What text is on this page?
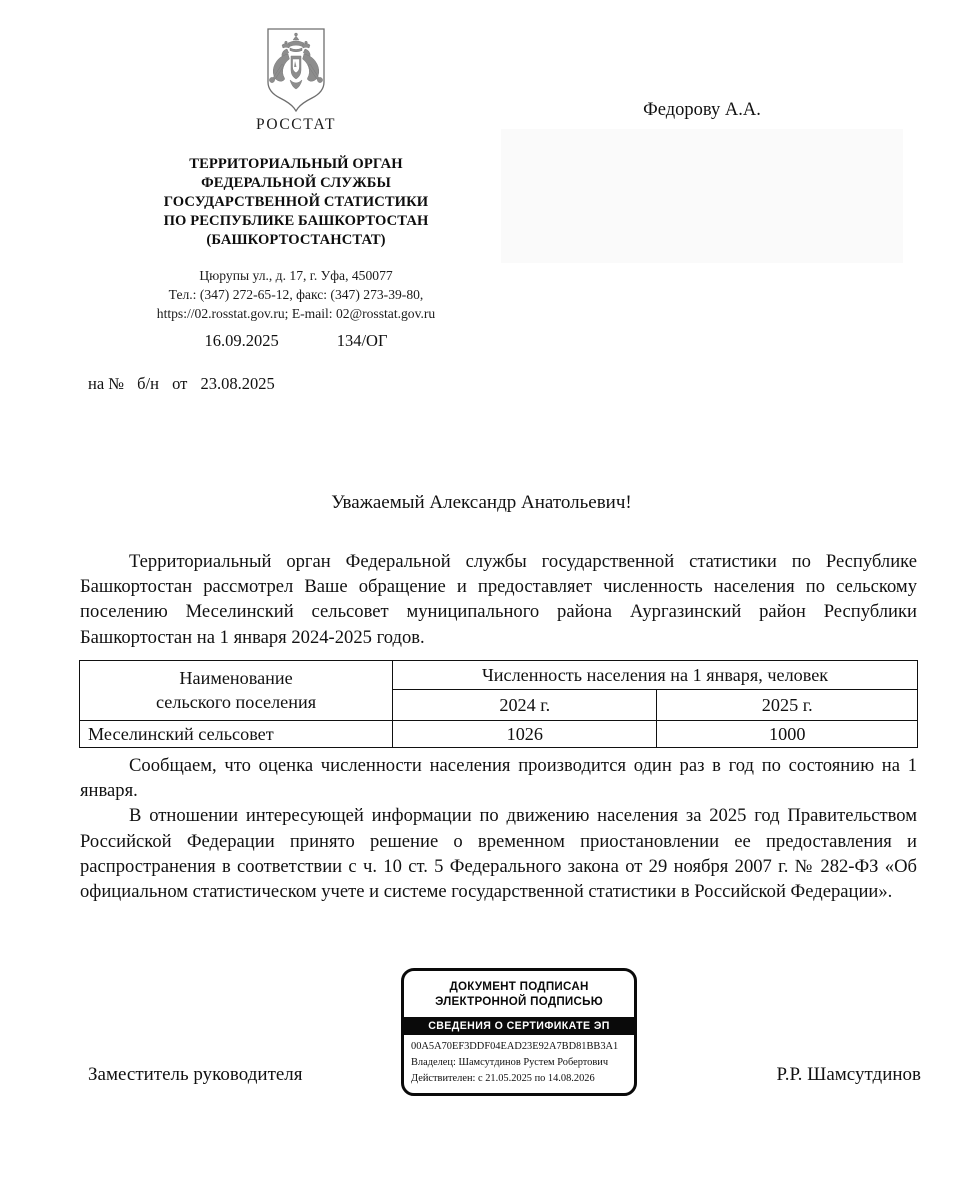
РОССТАТ
ТЕРРИТОРИАЛЬНЫЙ ОРГАН
ФЕДЕРАЛЬНОЙ СЛУЖБЫ
ГОСУДАРСТВЕННОЙ СТАТИСТИКИ
ПО РЕСПУБЛИКЕ БАШКОРТОСТАН
(БАШКОРТОСТАНСТАТ)
Цюрупы ул., д. 17, г. Уфа, 450077
Тел.: (347) 272-65-12, факс: (347) 273-39-80,
https://02.rosstat.gov.ru; E-mail: 02@rosstat.gov.ru
16.09.2025	134/ОГ
на № б/н от 23.08.2025
Федорову А.А.
Уважаемый Александр Анатольевич!

Территориальный орган Федеральной службы государственной статистики по Республике Башкортостан рассмотрел Ваше обращение и предоставляет численность населения по сельскому поселению Меселинский сельсовет муниципального района Аургазинский район Республики Башкортостан на 1 января 2024-2025 годов.

Наименование
сельского поселения	Численность населения на 1 января, человек	
	2024 г.	2025 г.
Меселинский сельсовет	1026	1000

Сообщаем, что оценка численности населения производится один раз в год по состоянию на 1 января.

В отношении интересующей информации по движению населения за 2025 год Правительством Российской Федерации принято решение о временном приостановлении ее предоставления и распространения в соответствии с ч. 10 ст. 5 Федерального закона от 29 ноября 2007 г. № 282-ФЗ «Об официальном статистическом учете и системе государственной статистики в Российской Федерации».

ДОКУМЕНТ ПОДПИСАН
ЭЛЕКТРОННОЙ ПОДПИСЬЮ
СВЕДЕНИЯ О СЕРТИФИКАТЕ ЭП
00A5A70EF3DDF04EAD23E92A7BD81BB3A1
Владелец: Шамсутдинов Рустем Робертович
Действителен: с 21.05.2025 по 14.08.2026
Заместитель руководителя	Р.Р. Шамсутдинов
